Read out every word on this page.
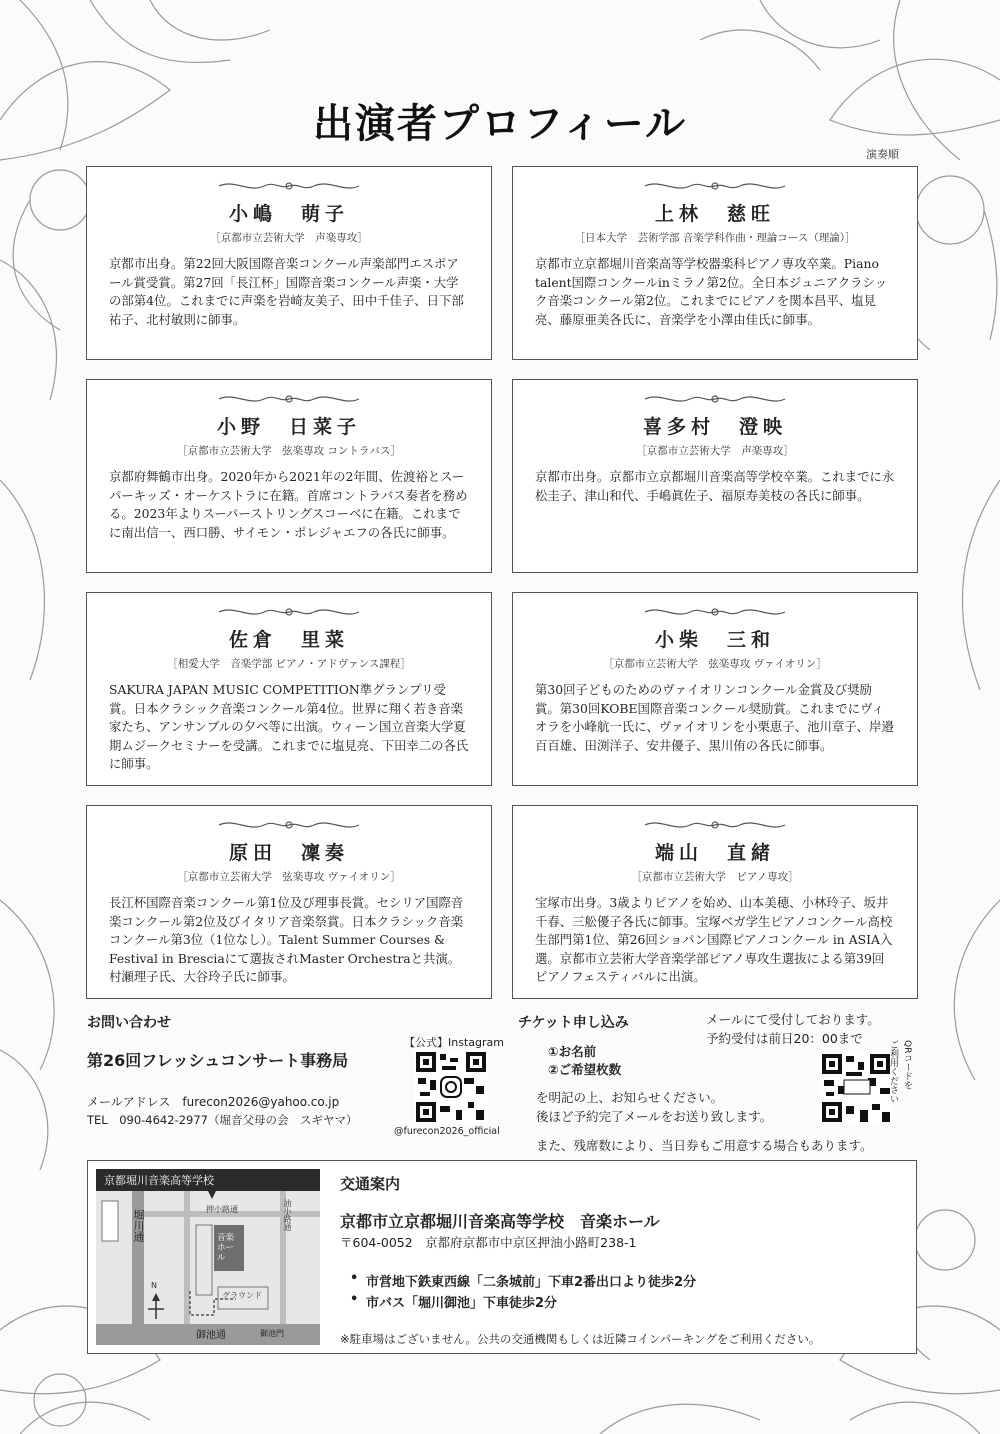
出演者プロフィール
演奏順
小嶋　萌子
［京都市立芸術大学　声楽専攻］
京都市出身。第22回大阪国際音楽コンクール声楽部門エスポアール賞受賞。第27回「長江杯」国際音楽コンクール声楽・大学の部第4位。これまでに声楽を岩崎友美子、田中千佳子、日下部祐子、北村敏則に師事。
上林　慈旺
［日本大学　芸術学部 音楽学科作曲・理論コース（理論）］
京都市立京都堀川音楽高等学校器楽科ピアノ専攻卒業。Piano talent国際コンクールinミラノ第2位。全日本ジュニアクラシック音楽コンクール第2位。これまでにピアノを関本昌平、塩見亮、藤原亜美各氏に、音楽学を小澤由佳氏に師事。
小野　日菜子
［京都市立芸術大学　弦楽専攻 コントラバス］
京都府舞鶴市出身。2020年から2021年の2年間、佐渡裕とスーパーキッズ・オーケストラに在籍。首席コントラバス奏者を務める。2023年よりスーパーストリングスコーベに在籍。これまでに南出信一、西口勝、サイモン・ポレジャエフの各氏に師事。
喜多村　澄映
［京都市立芸術大学　声楽専攻］
京都市出身。京都市立京都堀川音楽高等学校卒業。これまでに永松圭子、津山和代、手嶋眞佐子、福原寿美枝の各氏に師事。
佐倉　里菜
［相愛大学　音楽学部 ピアノ・アドヴァンス課程］
SAKURA JAPAN MUSIC COMPETITION準グランプリ受賞。日本クラシック音楽コンクール第4位。世界に翔く若き音楽家たち、アンサンブルの夕べ等に出演。ウィーン国立音楽大学夏期ムジークセミナーを受講。これまでに塩見亮、下田幸二の各氏に師事。
小柴　三和
［京都市立芸術大学　弦楽専攻 ヴァイオリン］
第30回子どものためのヴァイオリンコンクール金賞及び奨励賞。第30回KOBE国際音楽コンクール奨励賞。これまでにヴィオラを小峰航一氏に、ヴァイオリンを小栗恵子、池川章子、岸邉百百雄、田渕洋子、安井優子、黒川侑の各氏に師事。
原田　凜奏
［京都市立芸術大学　弦楽専攻 ヴァイオリン］
長江杯国際音楽コンクール第1位及び理事長賞。セシリア国際音楽コンクール第2位及びイタリア音楽祭賞。日本クラシック音楽コンクール第3位（1位なし）。Talent Summer Courses & Festival in Bresciaにて選抜されMaster Orchestraと共演。村瀬理子氏、大谷玲子氏に師事。
端山　直緒
［京都市立芸術大学　ピアノ専攻］
宝塚市出身。3歳よりピアノを始め、山本美穂、小林玲子、坂井千春、三舩優子各氏に師事。宝塚ベガ学生ピアノコンクール高校生部門第1位、第26回ショパン国際ピアノコンクール in ASIA入選。京都市立芸術大学音楽学部ピアノ専攻生選抜による第39回ピアノフェスティバルに出演。
お問い合わせ
第26回フレッシュコンサート事務局
メールアドレス　furecon2026@yahoo.co.jp
TEL　090-4642-2977（堀音父母の会　スギヤマ）
【公式】Instagram
@furecon2026_official
チケット申し込み	メールにて受付しております。
予約受付は前日20：00まで
①お名前
②ご希望枚数
を明記の上、お知らせください。
後ほど予約完了メールをお送り致します。
また、残席数により、当日券もご用意する場合もあります。
QRコードを
ご利用ください
京都堀川音楽高等学校
堀川通
御池通
油小路通
押小路通
音楽ホール
グラウンド
御池門
N
交通案内
京都市立京都堀川音楽高等学校　音楽ホール
〒604-0052　京都府京都市中京区押油小路町238-1
• 市営地下鉄東西線「二条城前」下車2番出口より徒歩2分
• 市バス「堀川御池」下車徒歩2分
※駐車場はございません。公共の交通機関もしくは近隣コインパーキングをご利用ください。
